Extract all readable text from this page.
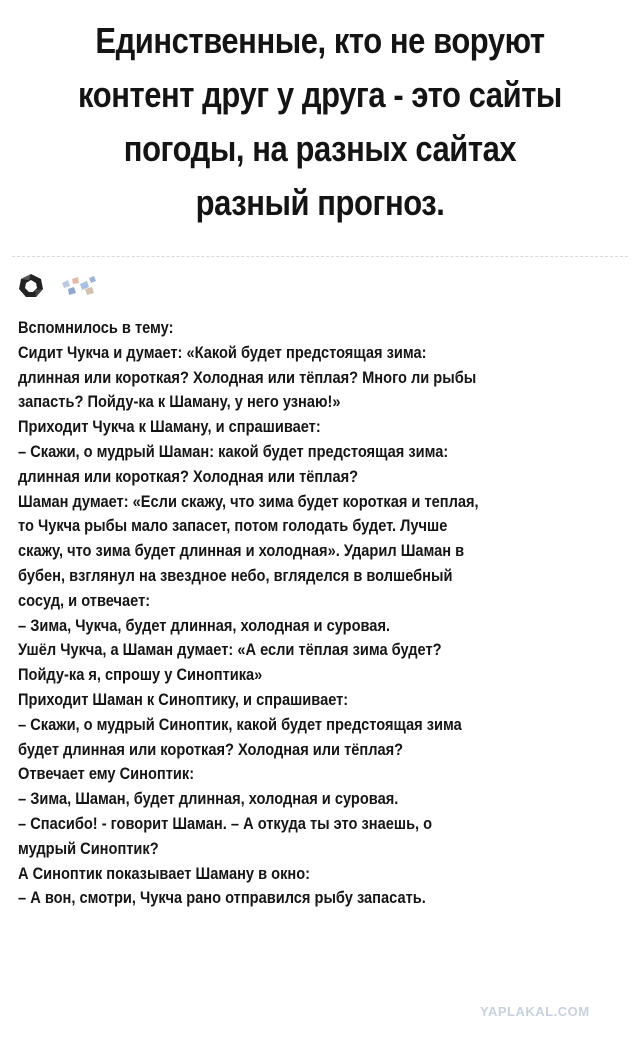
Единственные, кто не воруют
контент друг у друга - это сайты
погоды, на разных сайтах
разный прогноз.
Вспомнилось в тему:
Сидит Чукча и думает: «Какой будет предстоящая зима:
длинная или короткая? Холодная или тёплая? Много ли рыбы
запасть? Пойду-ка к Шаману, у него узнаю!»
Приходит Чукча к Шаману, и спрашивает:
– Скажи, о мудрый Шаман: какой будет предстоящая зима:
длинная или короткая? Холодная или тёплая?
Шаман думает: «Если скажу, что зима будет короткая и теплая,
то Чукча рыбы мало запасет, потом голодать будет. Лучше
скажу, что зима будет длинная и холодная». Ударил Шаман в
бубен, взглянул на звездное небо, вгляделся в волшебный
сосуд, и отвечает:
– Зима, Чукча, будет длинная, холодная и суровая.
Ушёл Чукча, а Шаман думает: «А если тёплая зима будет?
Пойду-ка я, спрошу у Синоптика»
Приходит Шаман к Синоптику, и спрашивает:
– Скажи, о мудрый Синоптик, какой будет предстоящая зима
будет длинная или короткая? Холодная или тёплая?
Отвечает ему Синоптик:
– Зима, Шаман, будет длинная, холодная и суровая.
– Спасибо! - говорит Шаман. – А откуда ты это знаешь, о
мудрый Синоптик?
А Синоптик показывает Шаману в окно:
– А вон, смотри, Чукча рано отправился рыбу запасать.
YAPLAKAL.COM
